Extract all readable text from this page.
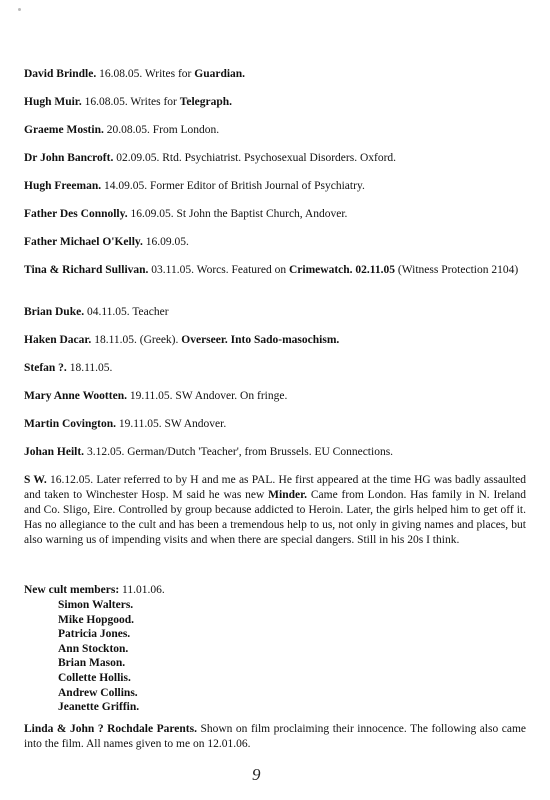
David Brindle. 16.08.05. Writes for Guardian.

Hugh Muir. 16.08.05. Writes for Telegraph.

Graeme Mostin. 20.08.05. From London.

Dr John Bancroft. 02.09.05. Rtd. Psychiatrist. Psychosexual Disorders. Oxford.

Hugh Freeman. 14.09.05. Former Editor of British Journal of Psychiatry.

Father Des Connolly. 16.09.05. St John the Baptist Church, Andover.

Father Michael O'Kelly. 16.09.05.

Tina & Richard Sullivan. 03.11.05. Worcs. Featured on Crimewatch. 02.11.05 (Witness Protection 2104)

Brian Duke. 04.11.05. Teacher

Haken Dacar. 18.11.05. (Greek). Overseer. Into Sado-masochism.

Stefan ?. 18.11.05.

Mary Anne Wootten. 19.11.05. SW Andover. On fringe.

Martin Covington. 19.11.05. SW Andover.

Johan Heilt. 3.12.05. German/Dutch 'Teacher', from Brussels. EU Connections.

S W. 16.12.05. Later referred to by H and me as PAL. He first appeared at the time HG was badly assaulted and taken to Winchester Hosp. M said he was new Minder. Came from London. Has family in N. Ireland and Co. Sligo, Eire. Controlled by group because addicted to Heroin. Later, the girls helped him to get off it. Has no allegiance to the cult and has been a tremendous help to us, not only in giving names and places, but also warning us of impending visits and when there are special dangers. Still in his 20s I think.

New cult members: 11.01.06.

Simon Walters.
Mike Hopgood.
Patricia Jones.
Ann Stockton.
Brian Mason.
Collette Hollis.
Andrew Collins.
Jeanette Griffin.

Linda & John ? Rochdale Parents. Shown on film proclaiming their innocence. The following also came into the film. All names given to me on 12.01.06.

9
